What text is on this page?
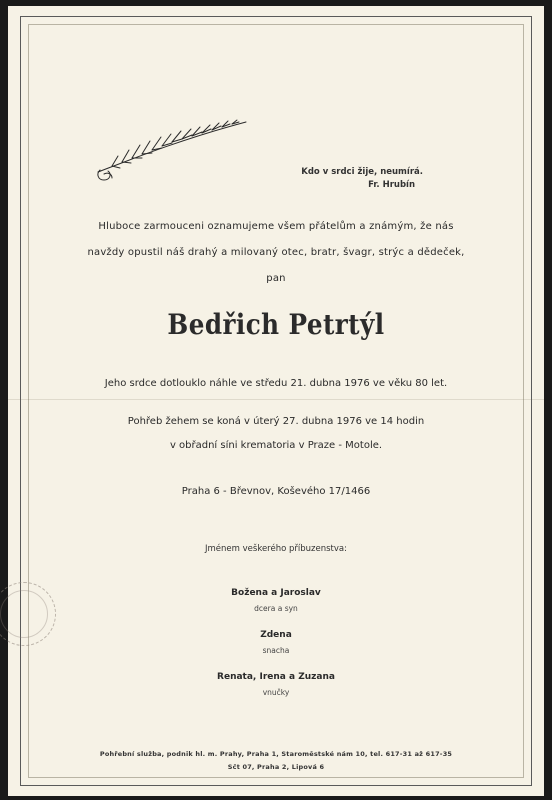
Kdo v srdci žije, neumírá.

Fr. Hrubín
Hluboce zarmouceni oznamujeme všem přátelům a známým, že nás
navždy opustil náš drahý a milovaný otec, bratr, švagr, strýc a dědeček,
pan
Bedřich Petrtýl
Jeho srdce dotlouklo náhle ve středu 21. dubna 1976 ve věku 80 let.
Pohřeb žehem se koná v úterý 27. dubna 1976 ve 14 hodin
v obřadní síni krematoria v Praze - Motole.
Praha 6 - Břevnov, Koševého 17/1466
Jménem veškerého příbuzenstva:
Božena a Jaroslav
dcera a syn
Zdena
snacha
Renata, Irena a Zuzana
vnučky
Pohřební služba, podnik hl. m. Prahy, Praha 1, Staroměstské nám 10, tel. 617-31 až 617-35
Sčt 07, Praha 2, Lipová 6
